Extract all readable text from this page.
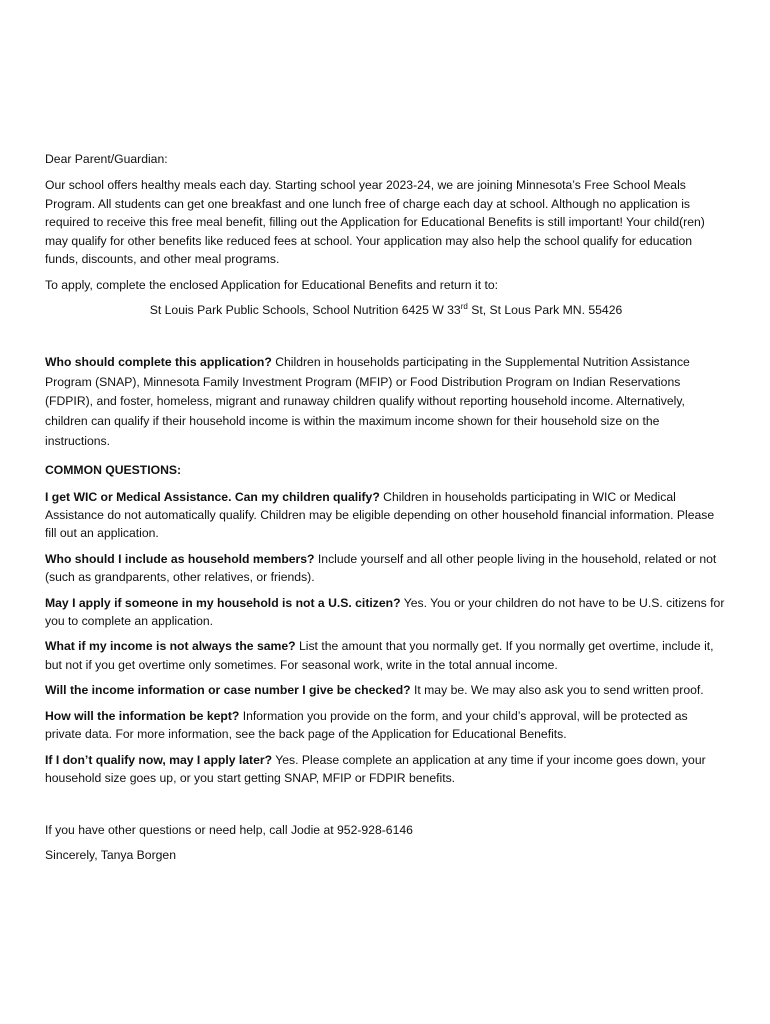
Dear Parent/Guardian:

Our school offers healthy meals each day. Starting school year 2023-24, we are joining Minnesota’s Free School Meals Program. All students can get one breakfast and one lunch free of charge each day at school. Although no application is required to receive this free meal benefit, filling out the Application for Educational Benefits is still important! Your child(ren) may qualify for other benefits like reduced fees at school. Your application may also help the school qualify for education funds, discounts, and other meal programs.

To apply, complete the enclosed Application for Educational Benefits and return it to:

St Louis Park Public Schools, School Nutrition 6425 W 33rd St, St Lous Park MN. 55426

Who should complete this application? Children in households participating in the Supplemental Nutrition Assistance Program (SNAP), Minnesota Family Investment Program (MFIP) or Food Distribution Program on Indian Reservations (FDPIR), and foster, homeless, migrant and runaway children qualify without reporting household income. Alternatively, children can qualify if their household income is within the maximum income shown for their household size on the instructions.

COMMON QUESTIONS:

I get WIC or Medical Assistance. Can my children qualify? Children in households participating in WIC or Medical Assistance do not automatically qualify. Children may be eligible depending on other household financial information. Please fill out an application.

Who should I include as household members? Include yourself and all other people living in the household, related or not (such as grandparents, other relatives, or friends).

May I apply if someone in my household is not a U.S. citizen? Yes. You or your children do not have to be U.S. citizens for you to complete an application.

What if my income is not always the same? List the amount that you normally get. If you normally get overtime, include it, but not if you get overtime only sometimes. For seasonal work, write in the total annual income.

Will the income information or case number I give be checked? It may be. We may also ask you to send written proof.

How will the information be kept? Information you provide on the form, and your child’s approval, will be protected as private data. For more information, see the back page of the Application for Educational Benefits.

If I don’t qualify now, may I apply later? Yes. Please complete an application at any time if your income goes down, your household size goes up, or you start getting SNAP, MFIP or FDPIR benefits.

If you have other questions or need help, call Jodie at 952-928-6146

Sincerely, Tanya Borgen
